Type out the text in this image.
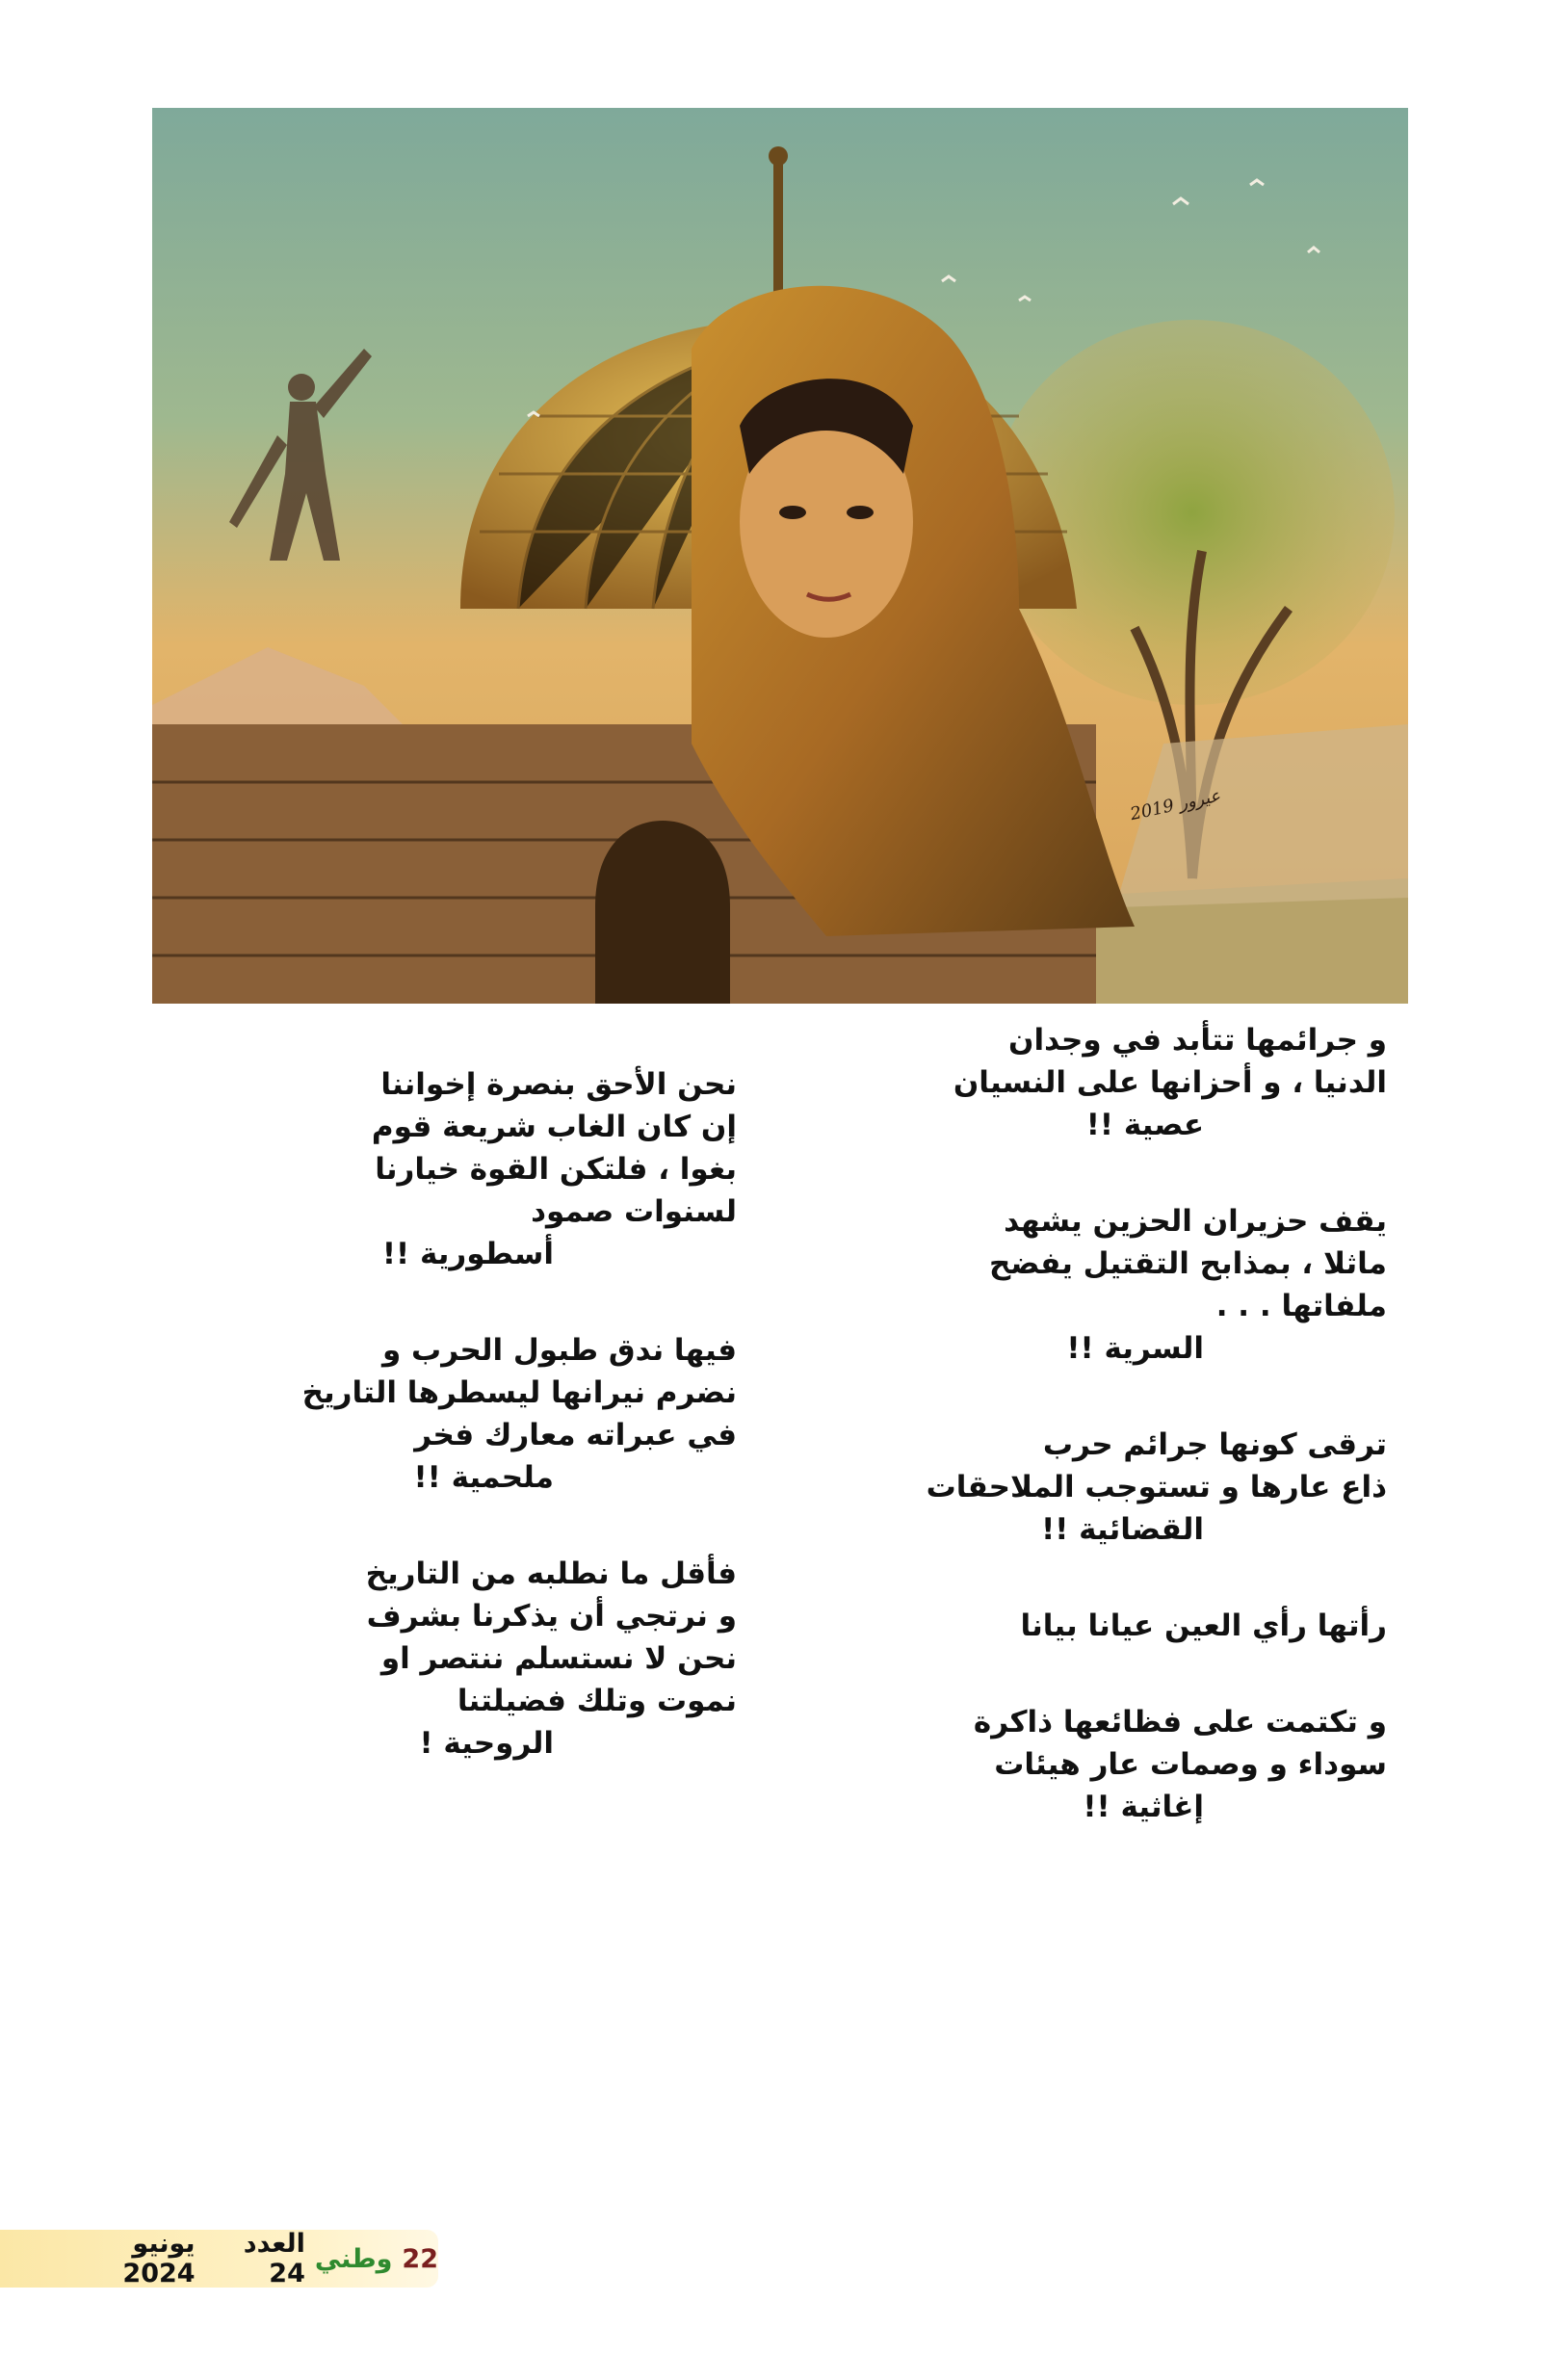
عيرور 2019
و جرائمها تتأبد في وجدان
الدنيا ، و أحزانها على النسيان
عصية !!
يقف حزيران الحزين يشهد
ماثلا ، بمذابح التقتيل يفضح
ملفاتها . . .
السرية !!
ترقى كونها جرائم حرب
ذاع عارها و تستوجب الملاحقات
القضائية !!
رأتها رأي العين عيانا بيانا
و تكتمت على فظائعها ذاكرة
سوداء و وصمات عار هيئات
إغاثية !!
نحن الأحق بنصرة إخواننا
إن كان الغاب شريعة قوم
بغوا ، فلتكن القوة خيارنا
لسنوات صمود
أسطورية !!
فيها ندق طبول الحرب و
نضرم نيرانها ليسطرها التاريخ
في عبراته معارك فخر
ملحمية !!
فأقل ما نطلبه من التاريخ
و نرتجي أن يذكرنا بشرف
نحن لا نستسلم ننتصر او
نموت وتلك فضيلتنا
الروحية !
22
وطني
العدد 24
يونيو 2024
